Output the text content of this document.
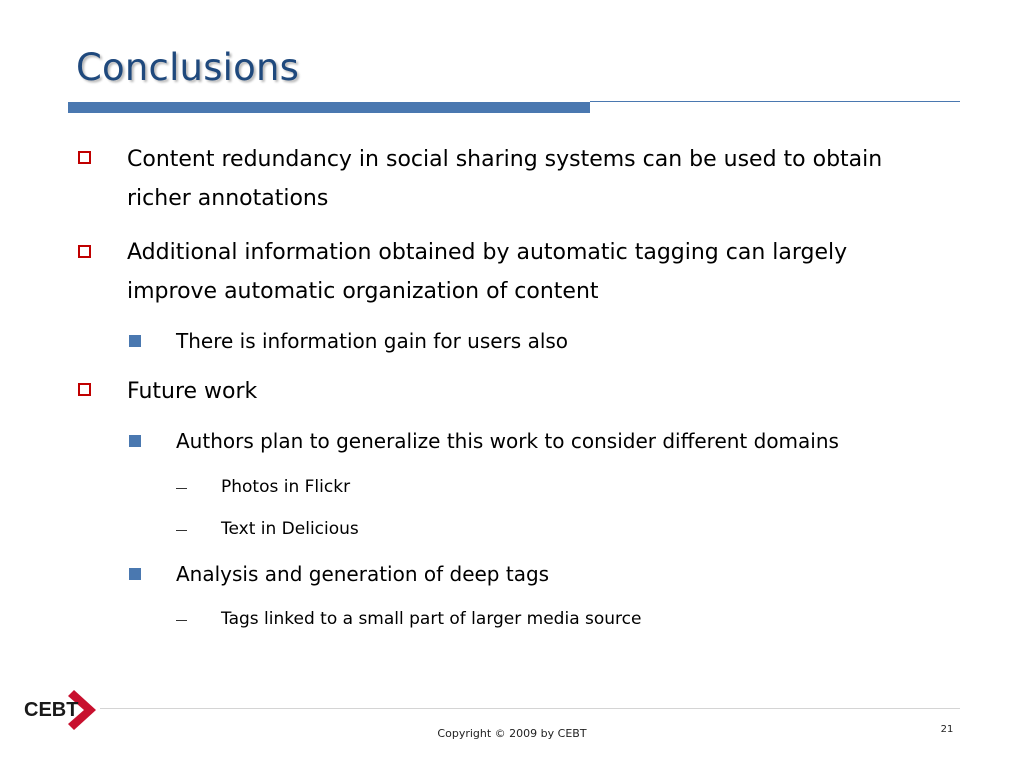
Conclusions
Content redundancy in social sharing systems can be used to obtain richer annotations
Additional information obtained by automatic tagging can largely improve automatic organization of content
There is information gain for users also
Future work
Authors plan to generalize this work to consider different domains
Photos in Flickr
Text in Delicious
Analysis and generation of deep tags
Tags linked to a small part of larger media source
CEBT
Copyright © 2009 by CEBT	21
